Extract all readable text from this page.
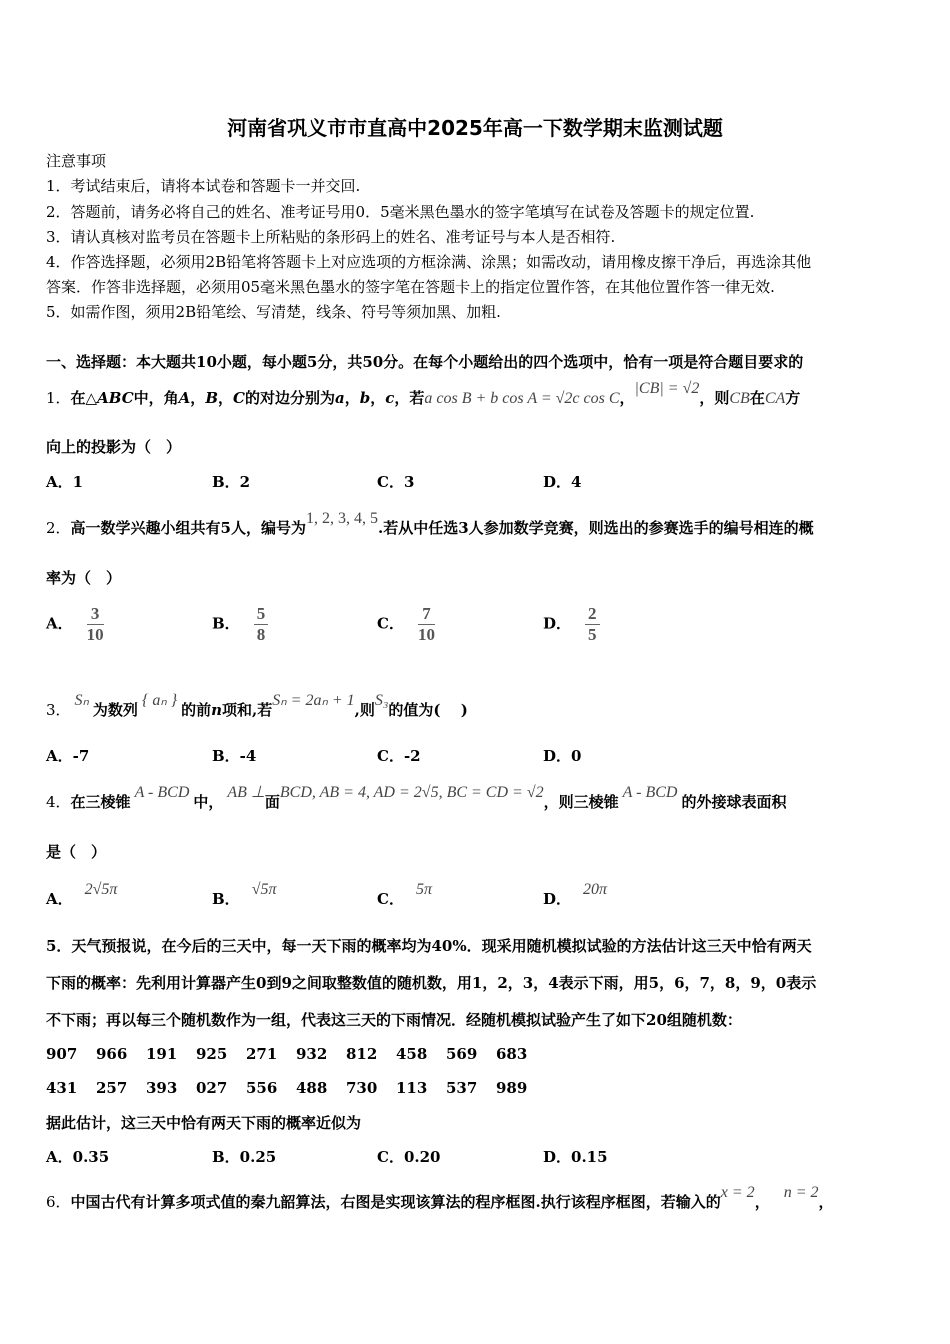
河南省巩义市市直高中2025年高一下数学期末监测试题
注意事项
1．考试结束后，请将本试卷和答题卡一并交回.
2．答题前，请务必将自己的姓名、准考证号用0．5毫米黑色墨水的签字笔填写在试卷及答题卡的规定位置.
3．请认真核对监考员在答题卡上所粘贴的条形码上的姓名、准考证号与本人是否相符.
4．作答选择题，必须用2B铅笔将答题卡上对应选项的方框涂满、涂黑；如需改动，请用橡皮擦干净后，再选涂其他
答案．作答非选择题，必须用05毫米黑色墨水的签字笔在答题卡上的指定位置作答，在其他位置作答一律无效.
5．如需作图，须用2B铅笔绘、写清楚，线条、符号等须加黑、加粗.
一、选择题：本大题共10小题，每小题5分，共50分。在每个小题给出的四个选项中，恰有一项是符合题目要求的
1．在△ABC中，角A，B，C的对边分别为a，b，c，若a cos B + b cos A = √2c cos C，|CB| = √2，则CB在CA方
向上的投影为（　）
A．1	B．2	C．3	D．4
2．高一数学兴趣小组共有5人，编号为1, 2, 3, 4, 5.若从中任选3人参加数学竞赛，则选出的参赛选手的编号相连的概
率为（　）
A． $\frac{3}{10}$	B． $\frac{5}{8}$	C． $\frac{7}{10}$	D． $\frac{2}{5}$
3．Sₙ为数列{ aₙ }的前n项和,若Sₙ = 2aₙ + 1,则S₃的值为(　 )
A．-7	B．-4	C．-2	D．0
4．在三棱锥A - BCD中，AB ⊥面BCD, AB = 4, AD = 2√5, BC = CD = √2，则三棱锥A - BCD的外接球表面积
是（　）
A．2√5π
B．√5π
C．5π
D．20π
5．天气预报说，在今后的三天中，每一天下雨的概率均为40%．现采用随机模拟试验的方法估计这三天中恰有两天
下雨的概率：先利用计算器产生0到9之间取整数值的随机数，用1，2，3，4表示下雨，用5，6，7，8，9，0表示
不下雨；再以每三个随机数作为一组，代表这三天的下雨情况．经随机模拟试验产生了如下20组随机数：
907 966 191 925 271 932 812 458 569 683
431 257 393 027 556 488 730 113 537 989
据此估计，这三天中恰有两天下雨的概率近似为
A．0.35	B．0.25	C．0.20	D．0.15
6．中国古代有计算多项式值的秦九韶算法，右图是实现该算法的程序框图.执行该程序框图，若输入的x = 2，n = 2，
